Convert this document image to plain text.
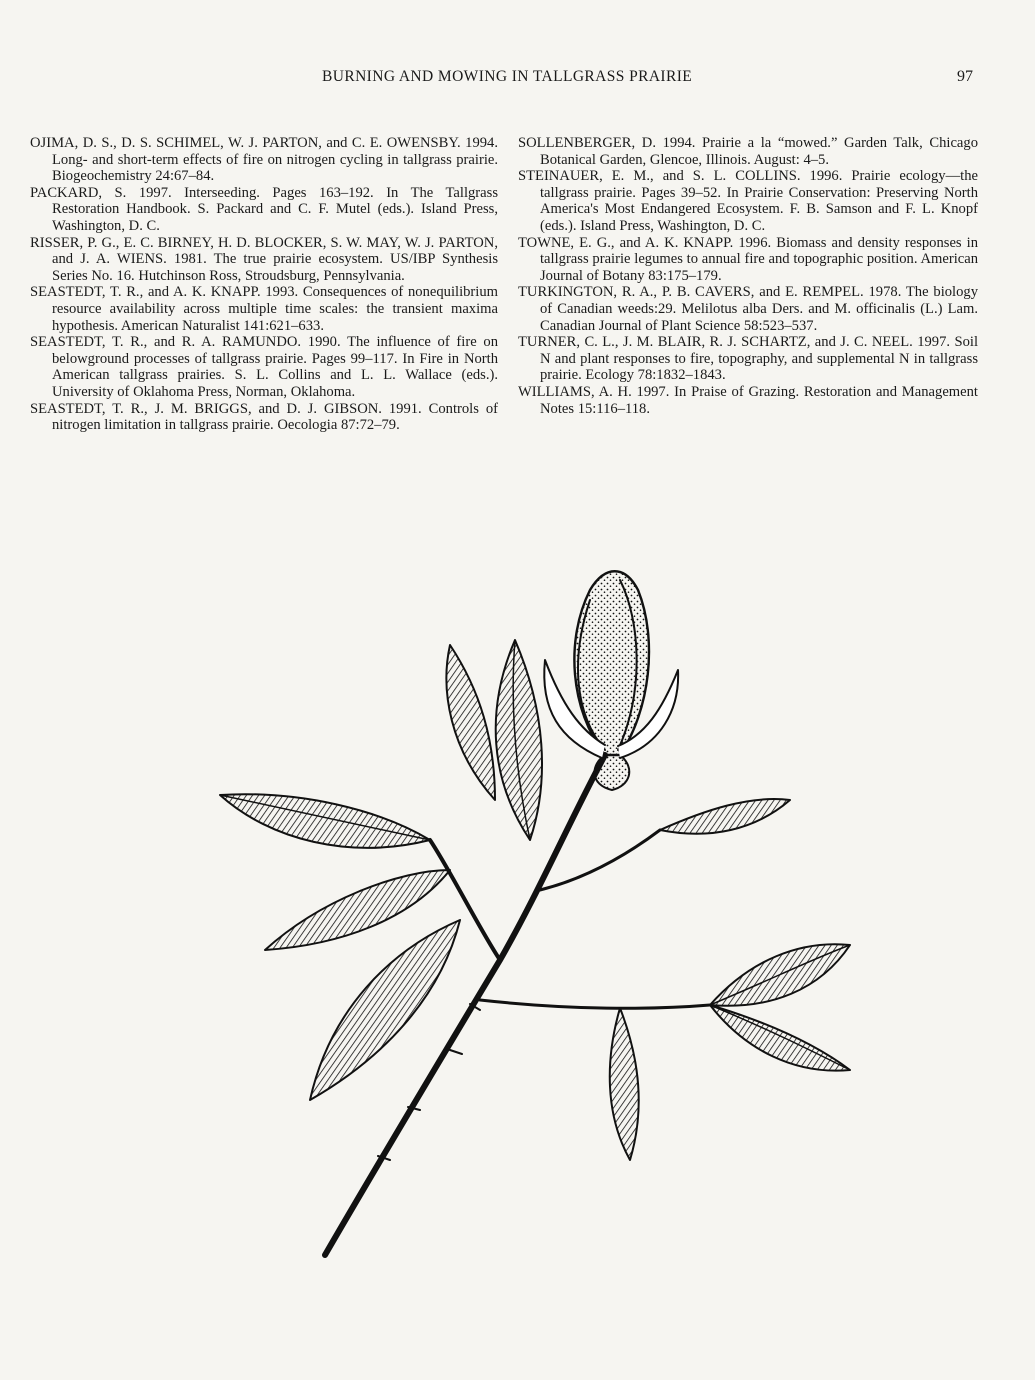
BURNING AND MOWING IN TALLGRASS PRAIRIE	97

OJIMA, D. S., D. S. SCHIMEL, W. J. PARTON, and C. E. OWENSBY. 1994. Long- and short-term effects of fire on nitrogen cycling in tallgrass prairie. Biogeochemistry 24:67–84.

PACKARD, S. 1997. Interseeding. Pages 163–192. In The Tallgrass Restoration Handbook. S. Packard and C. F. Mutel (eds.). Island Press, Washington, D. C.

RISSER, P. G., E. C. BIRNEY, H. D. BLOCKER, S. W. MAY, W. J. PARTON, and J. A. WIENS. 1981. The true prairie ecosystem. US/IBP Synthesis Series No. 16. Hutchinson Ross, Stroudsburg, Pennsylvania.

SEASTEDT, T. R., and A. K. KNAPP. 1993. Consequences of nonequilibrium resource availability across multiple time scales: the transient maxima hypothesis. American Naturalist 141:621–633.

SEASTEDT, T. R., and R. A. RAMUNDO. 1990. The influence of fire on belowground processes of tallgrass prairie. Pages 99–117. In Fire in North American tallgrass prairies. S. L. Collins and L. L. Wallace (eds.). University of Oklahoma Press, Norman, Oklahoma.

SEASTEDT, T. R., J. M. BRIGGS, and D. J. GIBSON. 1991. Controls of nitrogen limitation in tallgrass prairie. Oecologia 87:72–79.

SOLLENBERGER, D. 1994. Prairie a la “mowed.” Garden Talk, Chicago Botanical Garden, Glencoe, Illinois. August: 4–5.

STEINAUER, E. M., and S. L. COLLINS. 1996. Prairie ecology—the tallgrass prairie. Pages 39–52. In Prairie Conservation: Preserving North America's Most Endangered Ecosystem. F. B. Samson and F. L. Knopf (eds.). Island Press, Washington, D. C.

TOWNE, E. G., and A. K. KNAPP. 1996. Biomass and density responses in tallgrass prairie legumes to annual fire and topographic position. American Journal of Botany 83:175–179.

TURKINGTON, R. A., P. B. CAVERS, and E. REMPEL. 1978. The biology of Canadian weeds:29. Melilotus alba Ders. and M. officinalis (L.) Lam. Canadian Journal of Plant Science 58:523–537.

TURNER, C. L., J. M. BLAIR, R. J. SCHARTZ, and J. C. NEEL. 1997. Soil N and plant responses to fire, topography, and supplemental N in tallgrass prairie. Ecology 78:1832–1843.

WILLIAMS, A. H. 1997. In Praise of Grazing. Restoration and Management Notes 15:116–118.
